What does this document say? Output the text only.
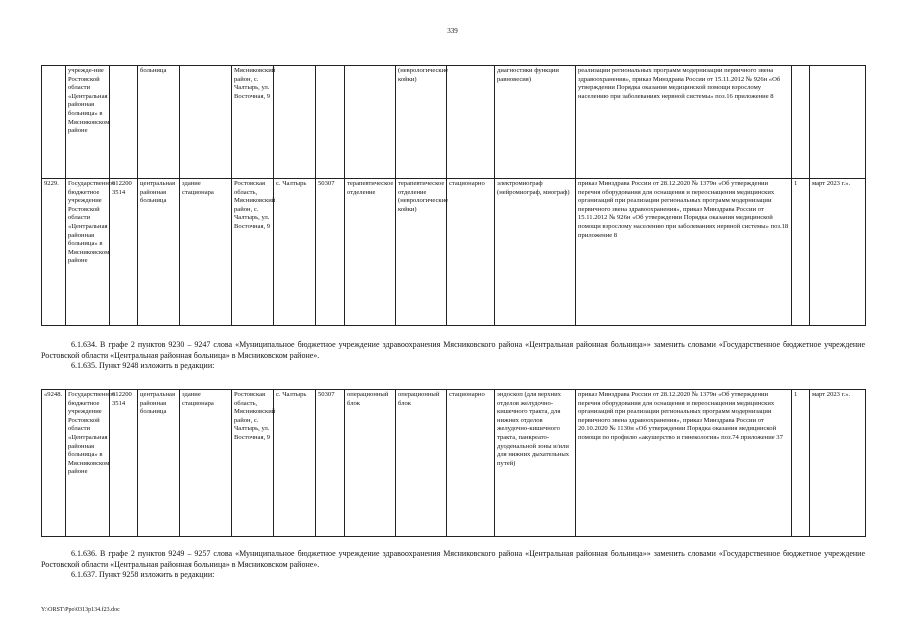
339
	учрежде-ние Ростовской области «Центральная районная больница» в Мясниковском районе		больница		Мясниковский район, с. Чалтырь, ул. Восточная, 9				(неврологические койки)		диагностики функции равновесия)	реализации региональных программ модернизации первичного звена здравоохранения», приказ Минздрава России от 15.11.2012 № 926н «Об утверждении Порядка оказания медицинской помощи взрослому населению при заболеваниях нервной системы» поз.16 приложение 8		
9229.	Государственное бюджетное учреждение Ростовской области «Центральная районная больница» в Мясниковском районе	612200 3514	центральная районная больница	здание стационара	Ростовская область, Мясниковский район, с. Чалтырь, ул. Восточная, 9	с. Чалтырь	50307	терапевтическое отделение	терапевтическое отделение (неврологические койки)	стационарно	электромиограф (нейромиограф, миограф)	приказ Минздрава России от 28.12.2020 № 1379н «Об утверждении перечня оборудования для оснащения и переоснащения медицинских организаций при реализации региональных программ модернизации первичного звена здравоохранения», приказ Минздрава России от 15.11.2012 № 926н «Об утверждении Порядка оказания медицинской помощи взрослому населению при заболеваниях нервной системы» поз.18 приложение 8	1	март 2023 г.».

6.1.634. В графе 2 пунктов 9230 – 9247 слова «Муниципальное бюджетное учреждение здравоохранения Мясниковского района «Центральная районная больница»» заменить словами «Государственное бюджетное учреждение Ростовской области «Центральная районная больница» в Мясниковском районе».

6.1.635. Пункт 9248 изложить в редакции:

«9248.	Государственное бюджетное учреждение Ростовской области «Центральная районная больница» в Мясниковском районе	612200 3514	центральная районная больница	здание стационара	Ростовская область, Мясниковский район, с. Чалтырь, ул. Восточная, 9	с. Чалтырь	50307	операционный блок	операционный блок	стационарно	эндоскоп (для верхних отделов желудочно-кишечного тракта, для нижних отделов желудочно-кишечного тракта, панкреато-дуоденальной зоны и/или для нижних дыхательных путей)	приказ Минздрава России от 28.12.2020 № 1379н «Об утверждении перечня оборудования для оснащения и переоснащения медицинских организаций при реализации региональных программ модернизации первичного звена здравоохранения», приказ Минздрава России от 20.10.2020 № 1130н «Об утверждении Порядка оказания медицинской помощи по профилю «акушерство и гинекология» поз.74 приложение 37	1	март 2023 г.».

6.1.636. В графе 2 пунктов 9249 – 9257 слова «Муниципальное бюджетное учреждение здравоохранения Мясниковского района «Центральная районная больница»» заменить словами «Государственное бюджетное учреждение Ростовской области «Центральная районная больница» в Мясниковском районе».

6.1.637. Пункт 9258 изложить в редакции:

Y:\ORST\Ppo\0313p134.f23.doc
